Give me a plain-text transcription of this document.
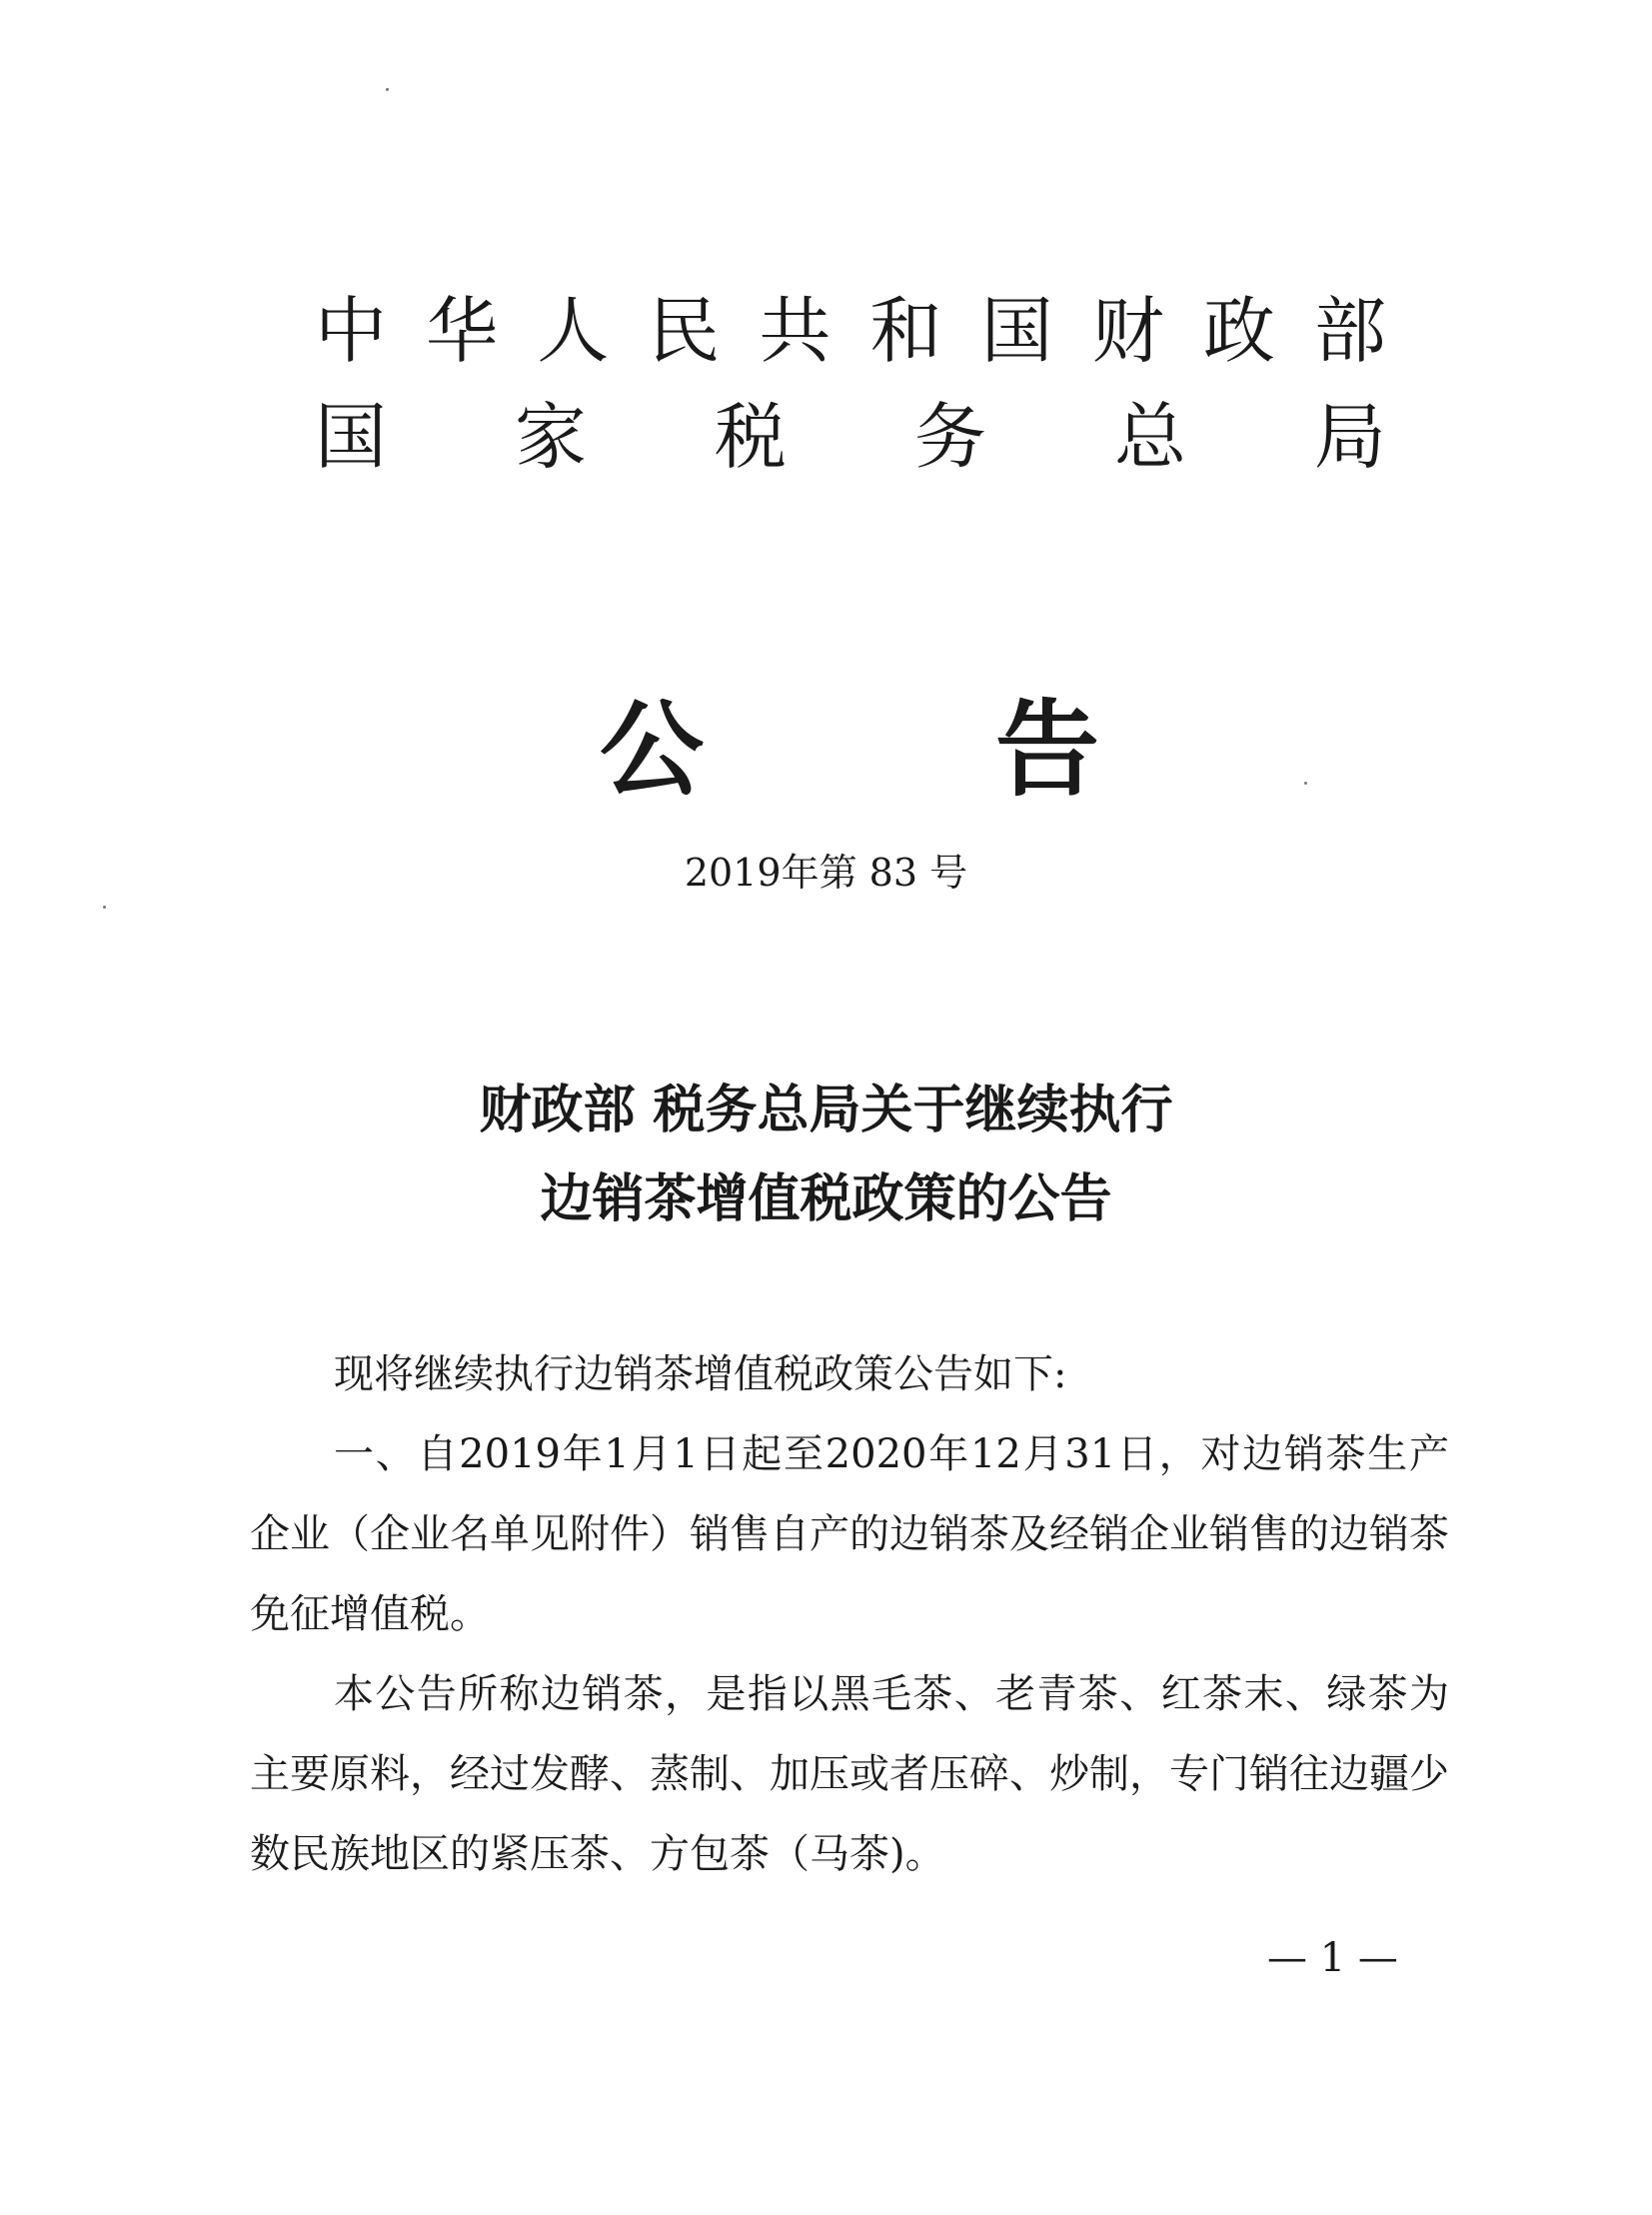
中 华 人 民 共 和 国 财 政 部
国 家 税 务 总 局
公	告
2019年第 83 号
财政部 税务总局关于继续执行
边销茶增值税政策的公告

现将继续执行边销茶增值税政策公告如下:

一、自2019年1月1日起至2020年12月31日，对边销茶生产企业（企业名单见附件）销售自产的边销茶及经销企业销售的边销茶免征增值税。

本公告所称边销茶，是指以黑毛茶、老青茶、红茶末、绿茶为主要原料，经过发酵、蒸制、加压或者压碎、炒制，专门销往边疆少数民族地区的紧压茶、方包茶（马茶)。

— 1 —
